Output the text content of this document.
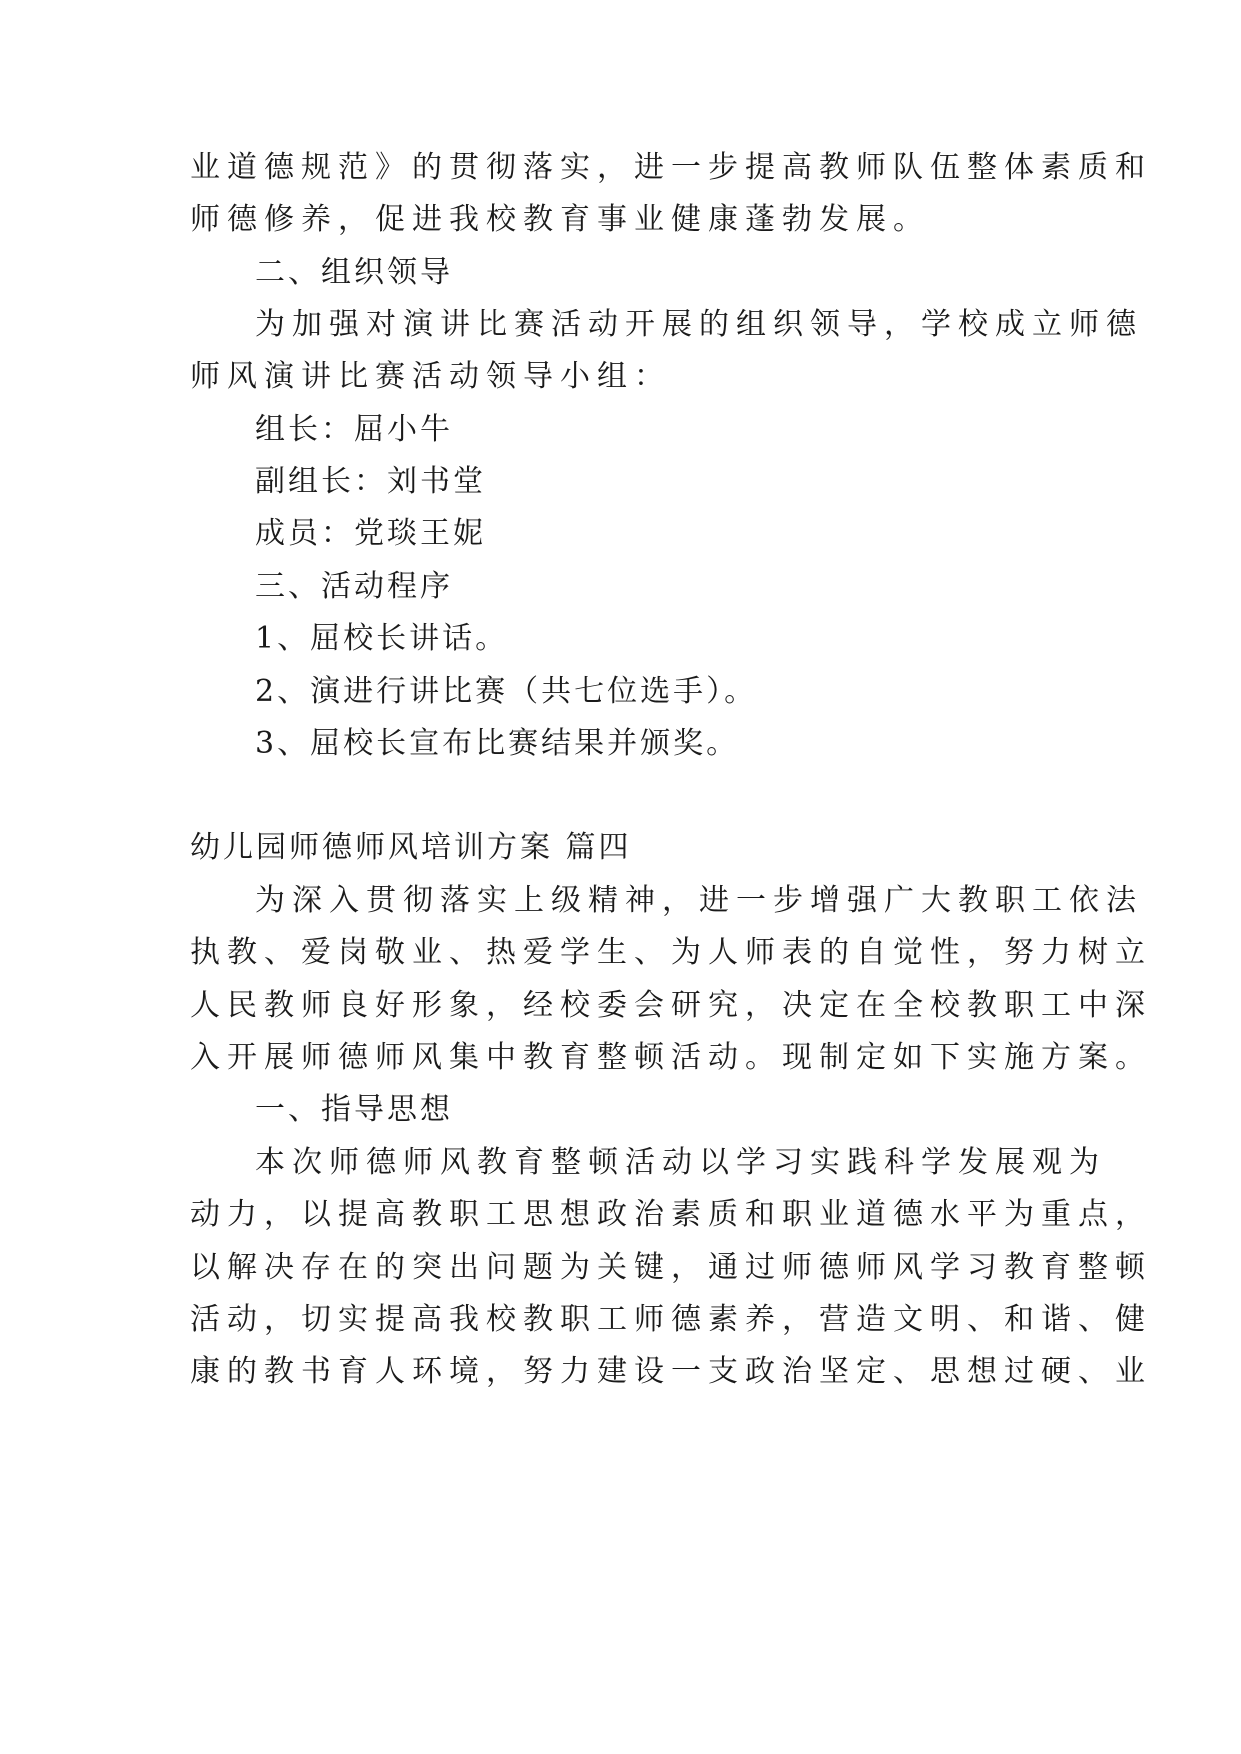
业道德规范》的贯彻落实，进一步提高教师队伍整体素质和
师德修养，促进我校教育事业健康蓬勃发展。
二、组织领导
为加强对演讲比赛活动开展的组织领导，学校成立师德
师风演讲比赛活动领导小组：
组长：屈小牛
副组长：刘书堂
成员：党琰王妮
三、活动程序
1、屈校长讲话。
2、演进行讲比赛（共七位选手）。
3、屈校长宣布比赛结果并颁奖。
幼儿园师德师风培训方案 篇四
为深入贯彻落实上级精神，进一步增强广大教职工依法
执教、爱岗敬业、热爱学生、为人师表的自觉性，努力树立
人民教师良好形象，经校委会研究，决定在全校教职工中深
入开展师德师风集中教育整顿活动。现制定如下实施方案。
一、指导思想
本次师德师风教育整顿活动以学习实践科学发展观为
动力，以提高教职工思想政治素质和职业道德水平为重点，
以解决存在的突出问题为关键，通过师德师风学习教育整顿
活动，切实提高我校教职工师德素养，营造文明、和谐、健
康的教书育人环境，努力建设一支政治坚定、思想过硬、业
